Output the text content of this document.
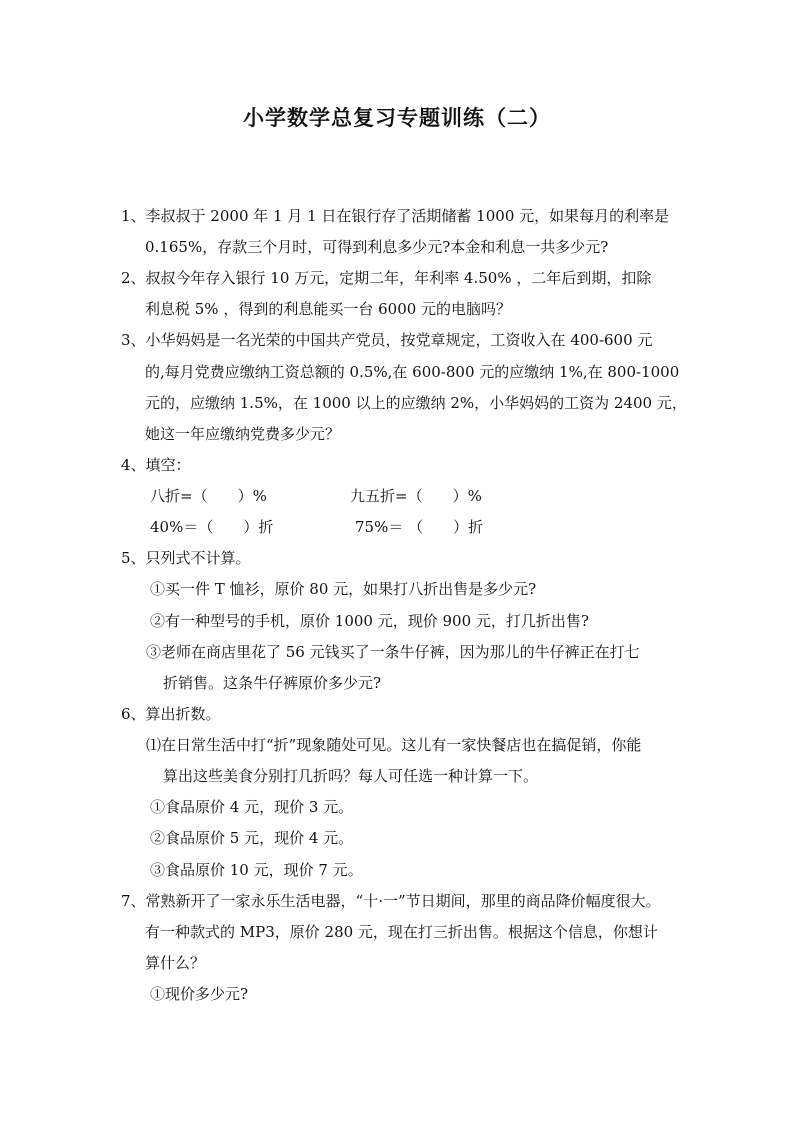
小学数学总复习专题训练（二）
1、李叔叔于 2000 年 1 月 1 日在银行存了活期储蓄 1000 元，如果每月的利率是
0.165%，存款三个月时，可得到利息多少元?本金和利息一共多少元?
2、叔叔今年存入银行 10 万元，定期二年，年利率 4.50% ，二年后到期，扣除
利息税 5% ，得到的利息能买一台 6000 元的电脑吗？
3、小华妈妈是一名光荣的中国共产党员，按党章规定，工资收入在 400-600 元
的,每月党费应缴纳工资总额的 0.5%,在 600-800 元的应缴纳 1%,在 800-1000
元的，应缴纳 1.5%，在 1000 以上的应缴纳 2%，小华妈妈的工资为 2400 元，
她这一年应缴纳党费多少元？
4、填空：
八折=（　　）%	九五折=（　　）%
40%＝（　　）折	75%＝ （　　）折
5、只列式不计算。
①买一件 T 恤衫，原价 80 元，如果打八折出售是多少元?
②有一种型号的手机，原价 1000 元，现价 900 元，打几折出售?
③老师在商店里花了 56 元钱买了一条牛仔裤，因为那儿的牛仔裤正在打七
折销售。这条牛仔裤原价多少元?
6、算出折数。
⑴在日常生活中打“折”现象随处可见。这儿有一家快餐店也在搞促销，你能
算出这些美食分别打几折吗？每人可任选一种计算一下。
①食品原价 4 元，现价 3 元。
②食品原价 5 元，现价 4 元。
③食品原价 10 元，现价 7 元。
7、常熟新开了一家永乐生活电器，“十·一”节日期间，那里的商品降价幅度很大。
有一种款式的 MP3，原价 280 元，现在打三折出售。根据这个信息，你想计
算什么？
①现价多少元?
